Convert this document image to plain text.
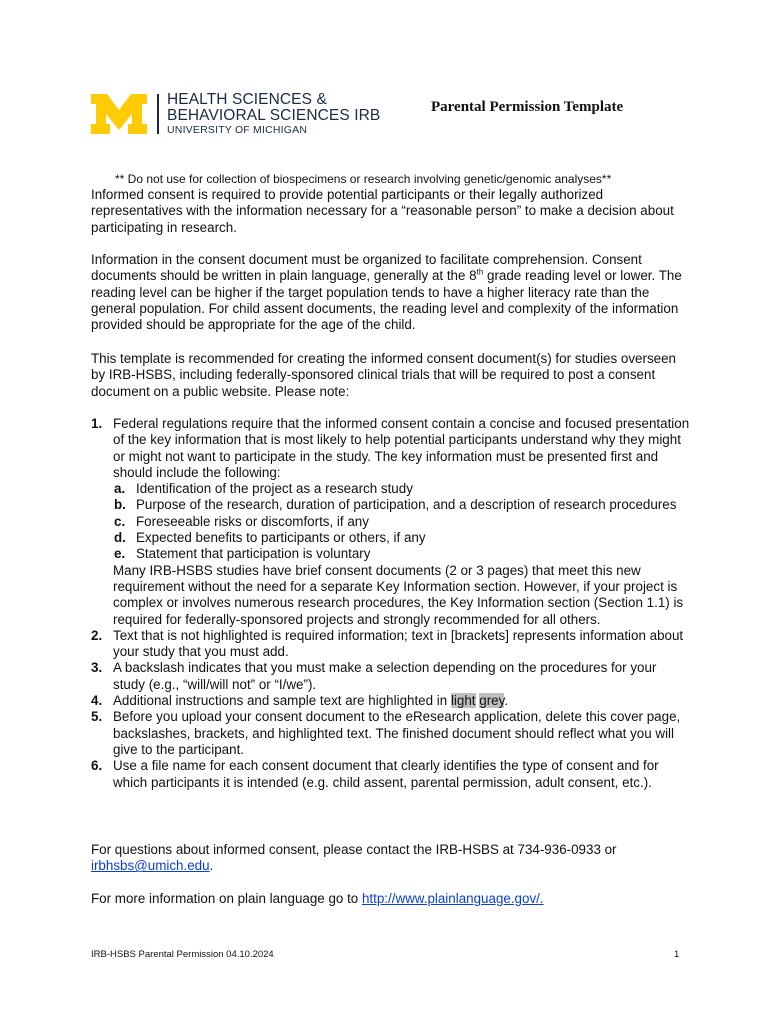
HEALTH SCIENCES &
BEHAVIORAL SCIENCES IRB
UNIVERSITY OF MICHIGAN
Parental Permission Template
** Do not use for collection of biospecimens or research involving genetic/genomic analyses**

Informed consent is required to provide potential participants or their legally authorized representatives with the information necessary for a “reasonable person” to make a decision about participating in research.

Information in the consent document must be organized to facilitate comprehension. Consent documents should be written in plain language, generally at the 8th grade reading level or lower. The reading level can be higher if the target population tends to have a higher literacy rate than the general population. For child assent documents, the reading level and complexity of the information provided should be appropriate for the age of the child.

This template is recommended for creating the informed consent document(s) for studies overseen by IRB-HSBS, including federally-sponsored clinical trials that will be required to post a consent document on a public website. Please note:

1. Federal regulations require that the informed consent contain a concise and focused presentation of the key information that is most likely to help potential participants understand why they might or might not want to participate in the study. The key information must be presented first and should include the following:
a. Identification of the project as a research study
b. Purpose of the research, duration of participation, and a description of research procedures
c. Foreseeable risks or discomforts, if any
d. Expected benefits to participants or others, if any
e. Statement that participation is voluntary
Many IRB-HSBS studies have brief consent documents (2 or 3 pages) that meet this new requirement without the need for a separate Key Information section. However, if your project is complex or involves numerous research procedures, the Key Information section (Section 1.1) is required for federally-sponsored projects and strongly recommended for all others.
2. Text that is not highlighted is required information; text in [brackets] represents information about your study that you must add.
3. A backslash indicates that you must make a selection depending on the procedures for your study (e.g., “will/will not” or “I/we”).
4. Additional instructions and sample text are highlighted in light grey.
5. Before you upload your consent document to the eResearch application, delete this cover page, backslashes, brackets, and highlighted text. The finished document should reflect what you will give to the participant.
6. Use a file name for each consent document that clearly identifies the type of consent and for which participants it is intended (e.g. child assent, parental permission, adult consent, etc.).

For questions about informed consent, please contact the IRB-HSBS at 734-936-0933 or irbhsbs@umich.edu.

For more information on plain language go to http://www.plainlanguage.gov/.

IRB-HSBS Parental Permission 04.10.2024	1
